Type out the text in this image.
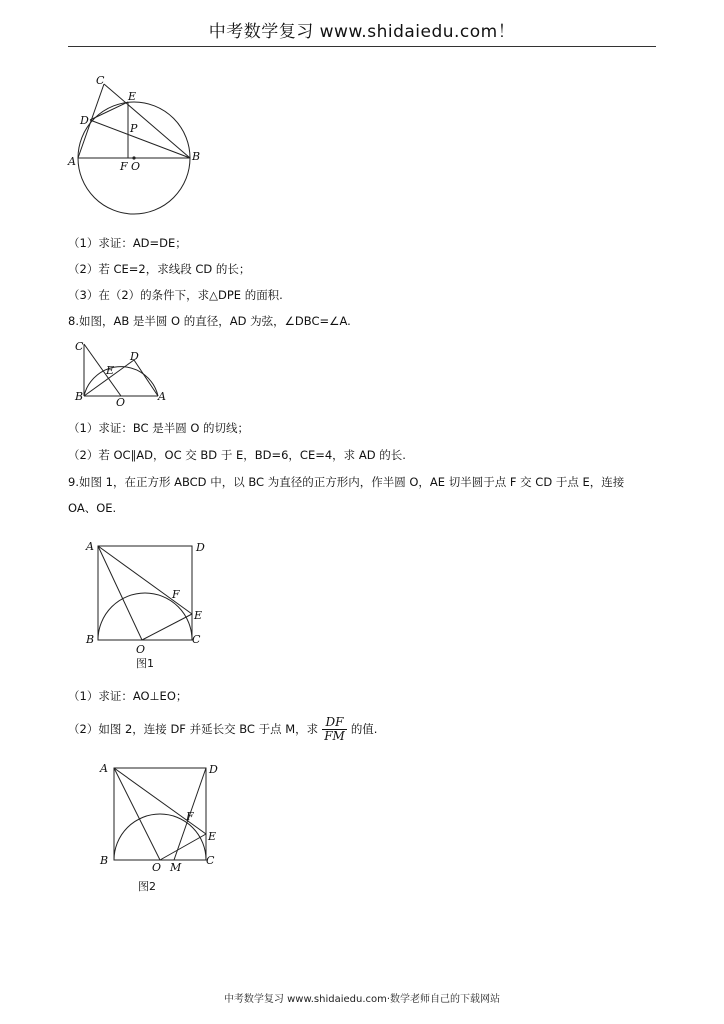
中考数学复习 www.shidaiedu.com！
C
E
D
P
A	B
F O
（1）求证：AD=DE；
（2）若 CE=2，求线段 CD 的长；
（3）在（2）的条件下，求△DPE 的面积.
8.如图，AB 是半圆 O 的直径，AD 为弦，∠DBC=∠A.
C
D
E
B	O	A
（1）求证：BC 是半圆 O 的切线；
（2）若 OC∥AD，OC 交 BD 于 E，BD=6，CE=4，求 AD 的长.
9.如图 1，在正方形 ABCD 中，以 BC 为直径的正方形内，作半圆 O，AE 切半圆于点 F 交 CD 于点 E，连接
OA、OE.
A	D
F
E
B
O
C
图1
（1）求证：AO⊥EO；
（2）如图 2，连接 DF 并延长交 BC 于点 M，求 $\frac{DF}{FM}$ 的值.
A	D
F
E
B
O M
C
图2
中考数学复习 www.shidaiedu.com·数学老师自己的下载网站
